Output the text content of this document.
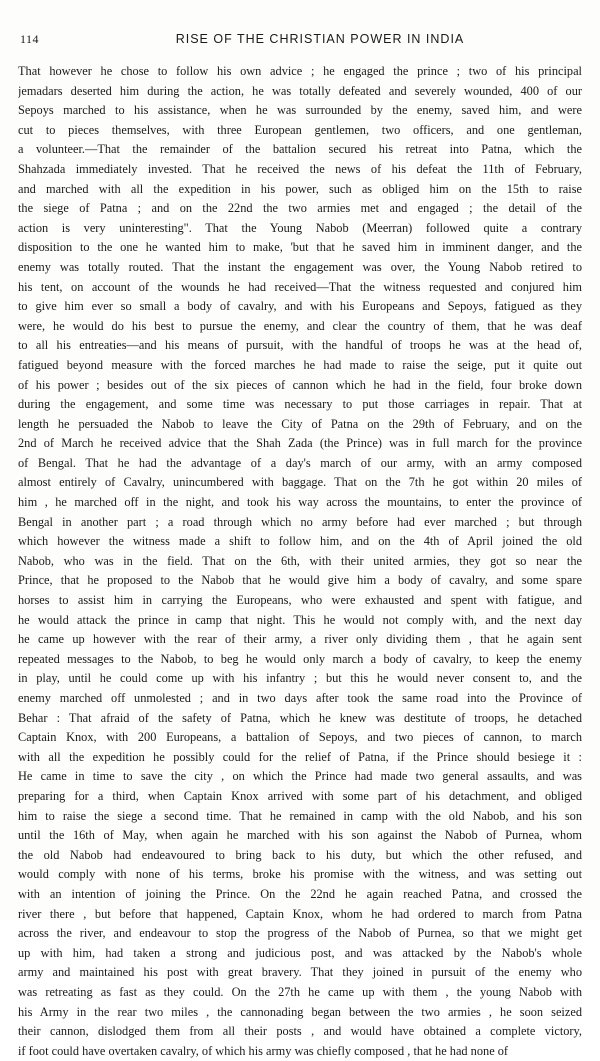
114	RISE OF THE CHRISTIAN POWER IN INDIA
That however he chose to follow his own advice ; he engaged the prince ; two of his principal
jemadars deserted him during the action, he was totally defeated and severely wounded, 400 of our
Sepoys marched to his assistance, when he was surrounded by the enemy, saved him, and were
cut to pieces themselves, with three European gentlemen, two officers, and one gentleman,
a volunteer.—That the remainder of the battalion secured his retreat into Patna, which the
Shahzada immediately invested. That he received the news of his defeat the 11th of February,
and marched with all the expedition in his power, such as obliged him on the 15th to raise
the siege of Patna ; and on the 22nd the two armies met and engaged ; the detail of the
action is very uninteresting". That the Young Nabob (Meerran) followed quite a contrary
disposition to the one he wanted him to make, 'but that he saved him in imminent danger, and the
enemy was totally routed. That the instant the engagement was over, the Young Nabob retired to
his tent, on account of the wounds he had received—That the witness requested and conjured him
to give him ever so small a body of cavalry, and with his Europeans and Sepoys, fatigued as they
were, he would do his best to pursue the enemy, and clear the country of them, that he was deaf
to all his entreaties—and his means of pursuit, with the handful of troops he was at the head of,
fatigued beyond measure with the forced marches he had made to raise the seige, put it quite out
of his power ; besides out of the six pieces of cannon which he had in the field, four broke down
during the engagement, and some time was necessary to put those carriages in repair. That at
length he persuaded the Nabob to leave the City of Patna on the 29th of February, and on the
2nd of March he received advice that the Shah Zada (the Prince) was in full march for the province
of Bengal. That he had the advantage of a day's march of our army, with an army composed
almost entirely of Cavalry, unincumbered with baggage. That on the 7th he got within 20 miles of
him , he marched off in the night, and took his way across the mountains, to enter the province of
Bengal in another part ; a road through which no army before had ever marched ; but through
which however the witness made a shift to follow him, and on the 4th of April joined the old
Nabob, who was in the field. That on the 6th, with their united armies, they got so near the
Prince, that he proposed to the Nabob that he would give him a body of cavalry, and some spare
horses to assist him in carrying the Europeans, who were exhausted and spent with fatigue, and
he would attack the prince in camp that night. This he would not comply with, and the next day
he came up however with the rear of their army, a river only dividing them , that he again sent
repeated messages to the Nabob, to beg he would only march a body of cavalry, to keep the enemy
in play, until he could come up with his infantry ; but this he would never consent to, and the
enemy marched off unmolested ; and in two days after took the same road into the Province of
Behar : That afraid of the safety of Patna, which he knew was destitute of troops, he detached
Captain Knox, with 200 Europeans, a battalion of Sepoys, and two pieces of cannon, to march
with all the expedition he possibly could for the relief of Patna, if the Prince should besiege it :
He came in time to save the city , on which the Prince had made two general assaults, and was
preparing for a third, when Captain Knox arrived with some part of his detachment, and obliged
him to raise the siege a second time. That he remained in camp with the old Nabob, and his son
until the 16th of May, when again he marched with his son against the Nabob of Purnea, whom
the old Nabob had endeavoured to bring back to his duty, but which the other refused, and
would comply with none of his terms, broke his promise with the witness, and was setting out
with an intention of joining the Prince. On the 22nd he again reached Patna, and crossed the
river there , but before that happened, Captain Knox, whom he had ordered to march from Patna
across the river, and endeavour to stop the progress of the Nabob of Purnea, so that we might get
up with him, had taken a strong and judicious post, and was attacked by the Nabob's whole
army and maintained his post with great bravery. That they joined in pursuit of the enemy who
was retreating as fast as they could. On the 27th he came up with them , the young Nabob with
his Army in the rear two miles , the cannonading began between the two armies , he soon seized
their cannon, dislodged them from all their posts , and would have obtained a complete victory,
if foot could have overtaken cavalry, of which his army was chiefly composed , that he had none of
